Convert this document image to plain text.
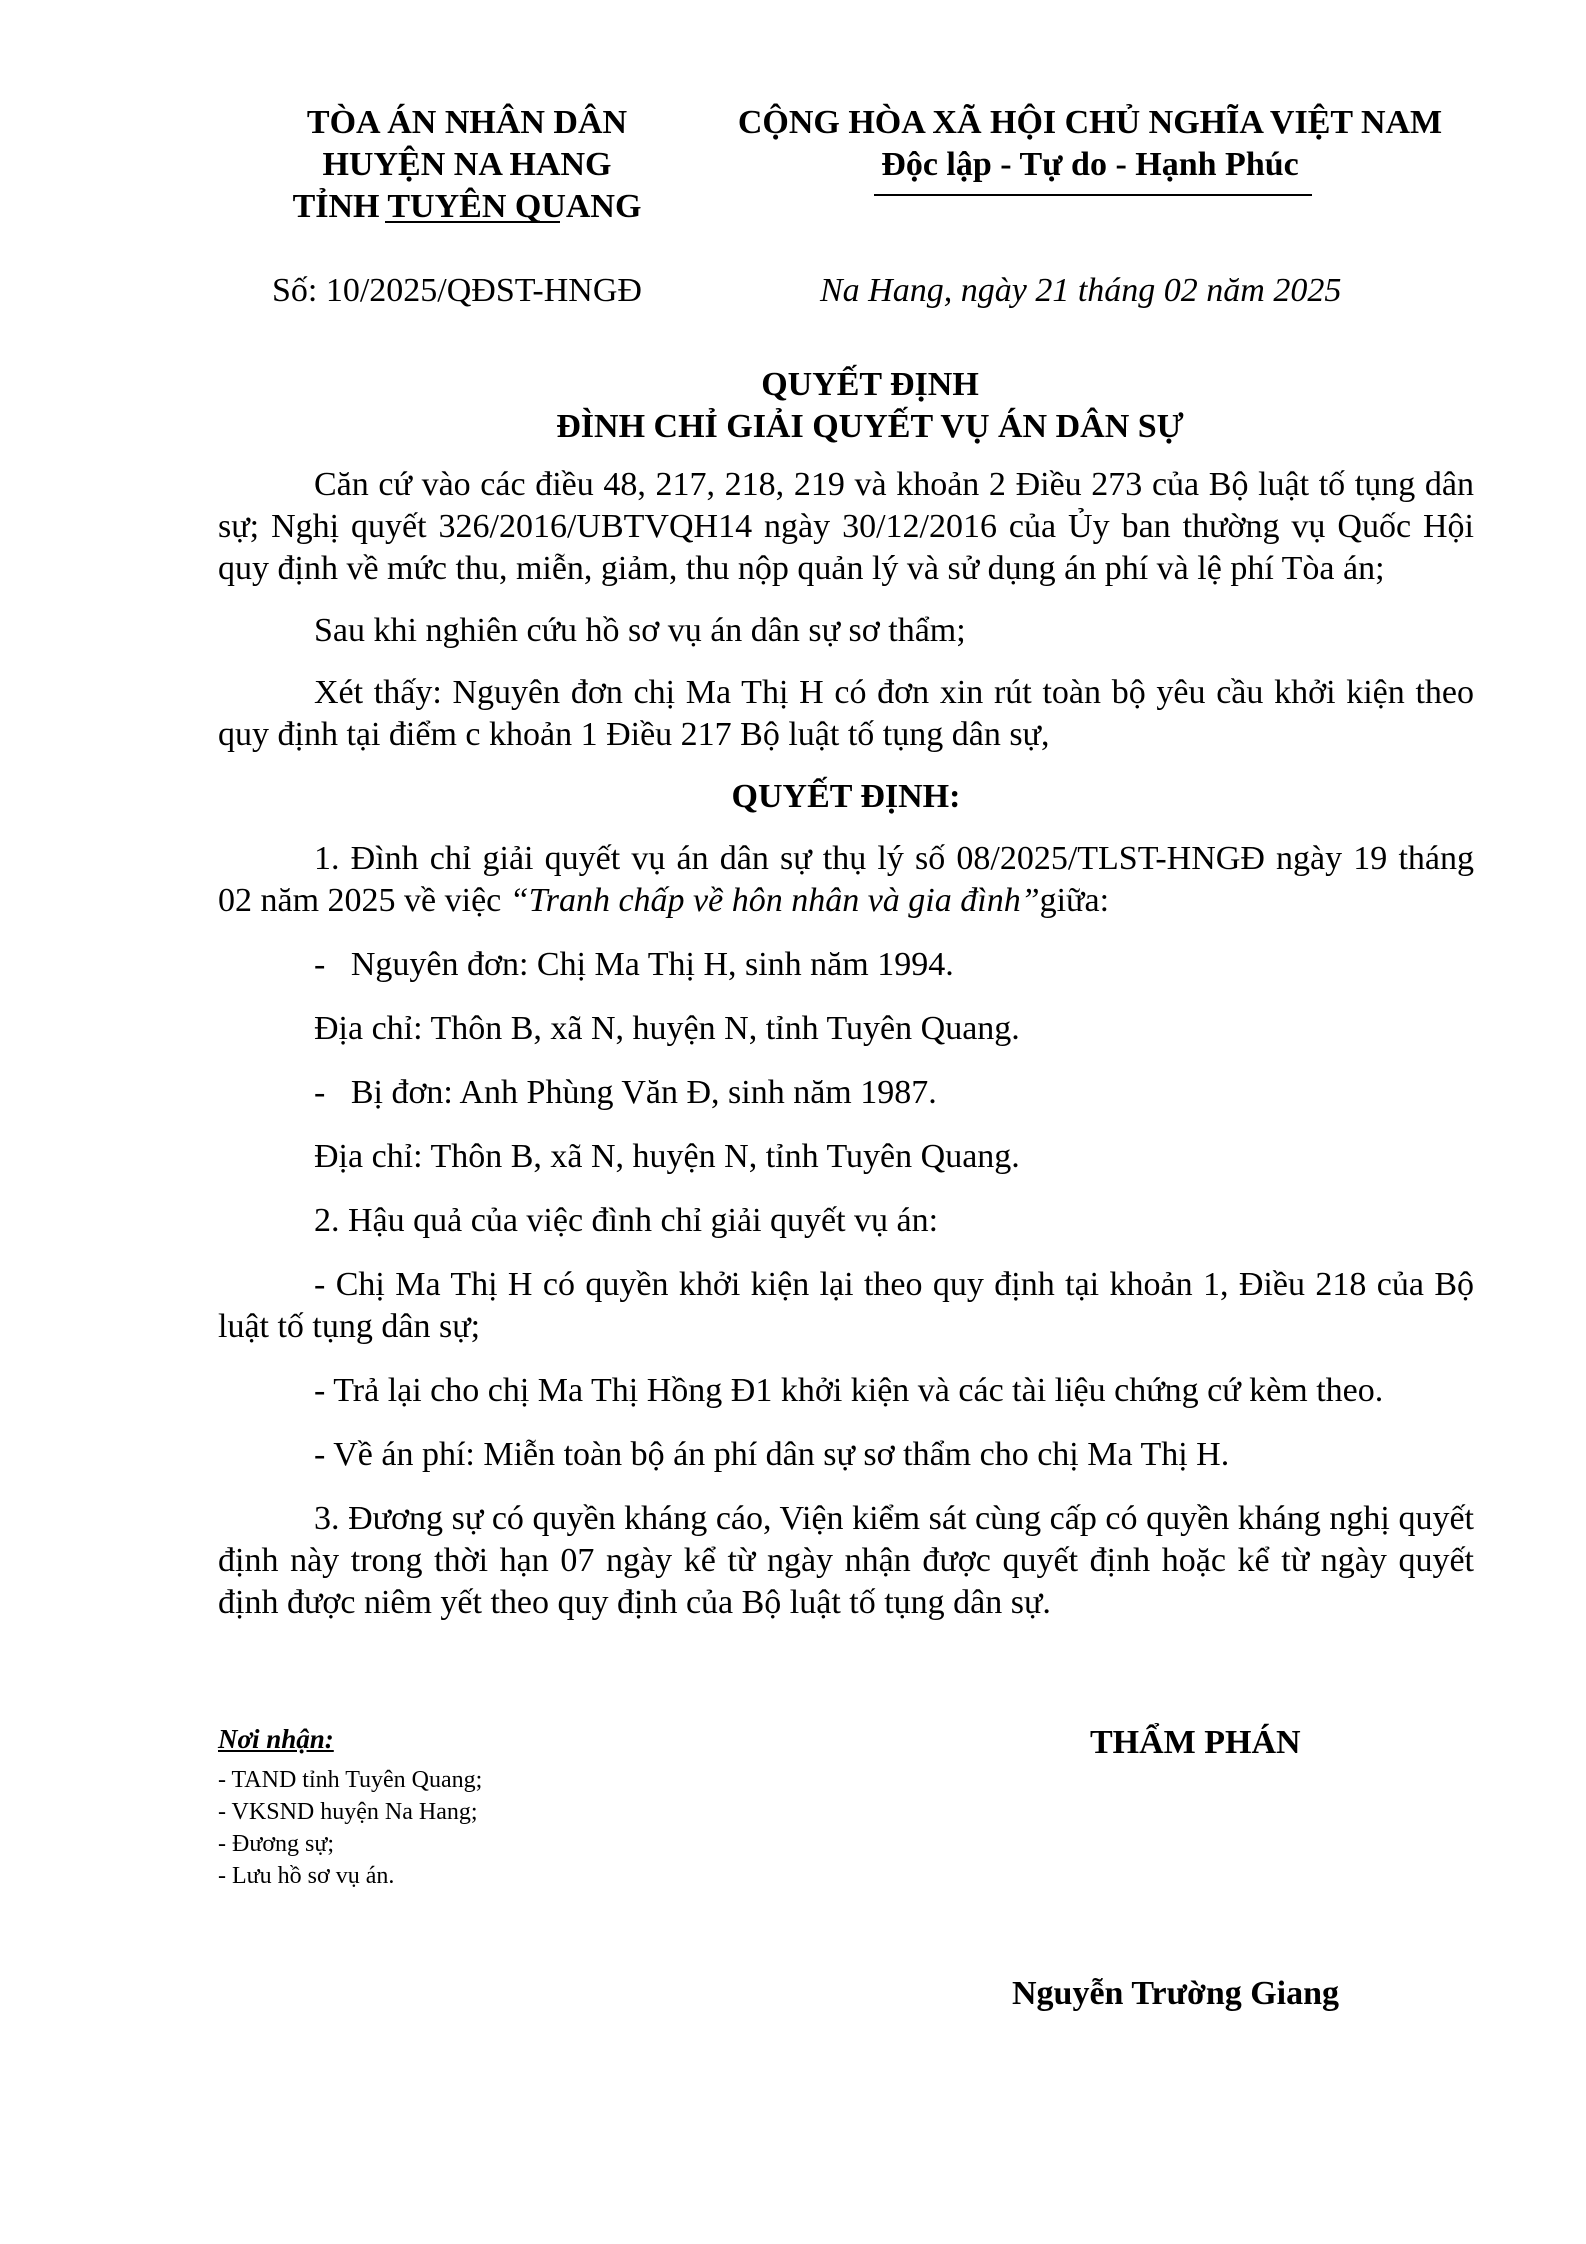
TÒA ÁN NHÂN DÂN
HUYỆN NA HANG
TỈNH TUYÊN QUANG
CỘNG HÒA XÃ HỘI CHỦ NGHĨA VIỆT NAM
Độc lập - Tự do - Hạnh Phúc
Số: 10/2025/QĐST-HNGĐ	Na Hang, ngày 21 tháng 02 năm 2025
QUYẾT ĐỊNH
ĐÌNH CHỈ GIẢI QUYẾT VỤ ÁN DÂN SỰ

Căn cứ vào các điều 48, 217, 218, 219 và khoản 2 Điều 273 của Bộ luật tố tụng dân sự; Nghị quyết 326/2016/UBTVQH14 ngày 30/12/2016 của Ủy ban thường vụ Quốc Hội quy định về mức thu, miễn, giảm, thu nộp quản lý và sử dụng án phí và lệ phí Tòa án;

Sau khi nghiên cứu hồ sơ vụ án dân sự sơ thẩm;

Xét thấy: Nguyên đơn chị Ma Thị H có đơn xin rút toàn bộ yêu cầu khởi kiện theo quy định tại điểm c khoản 1 Điều 217 Bộ luật tố tụng dân sự,

QUYẾT ĐỊNH:

1. Đình chỉ giải quyết vụ án dân sự thụ lý số 08/2025/TLST-HNGĐ ngày 19 tháng 02 năm 2025 về việc “Tranh chấp về hôn nhân và gia đình”giữa:

-   Nguyên đơn: Chị Ma Thị H, sinh năm 1994.

Địa chỉ: Thôn B, xã N, huyện N, tỉnh Tuyên Quang.

-   Bị đơn: Anh Phùng Văn Đ, sinh năm 1987.

Địa chỉ: Thôn B, xã N, huyện N, tỉnh Tuyên Quang.

2. Hậu quả của việc đình chỉ giải quyết vụ án:

- Chị Ma Thị H có quyền khởi kiện lại theo quy định tại khoản 1, Điều 218 của Bộ luật tố tụng dân sự;

- Trả lại cho chị Ma Thị Hồng Đ1 khởi kiện và các tài liệu chứng cứ kèm theo.

- Về án phí: Miễn toàn bộ án phí dân sự sơ thẩm cho chị Ma Thị H.

3. Đương sự có quyền kháng cáo, Viện kiểm sát cùng cấp có quyền kháng nghị quyết định này trong thời hạn 07 ngày kể từ ngày nhận được quyết định hoặc kể từ ngày quyết định được niêm yết theo quy định của Bộ luật tố tụng dân sự.

Nơi nhận:
- TAND tỉnh Tuyên Quang;
- VKSND huyện Na Hang;
- Đương sự;
- Lưu hồ sơ vụ án.
THẨM PHÁN
Nguyễn Trường Giang
